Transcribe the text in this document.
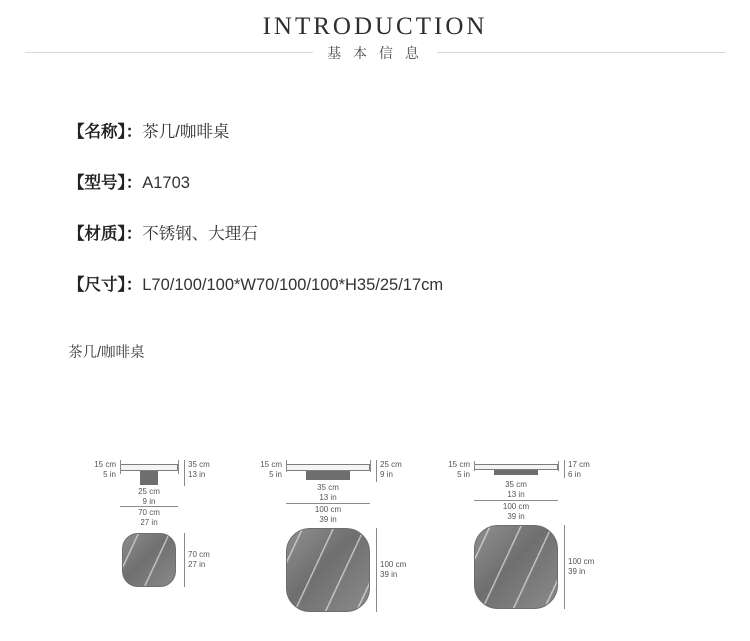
INTRODUCTION
基 本 信 息
【名称】：茶几/咖啡桌
【型号】：A1703
【材质】：不锈钢、大理石
【尺寸】：L70/100/100*W70/100/100*H35/25/17cm
茶几/咖啡桌
15 cm
5 in
35 cm
13 in
25 cm
9 in
70 cm
27 in
70 cm
27 in
15 cm
5 in
25 cm
9 in
35 cm
13 in
100 cm
39 in
100 cm
39 in
15 cm
5 in
17 cm
6 in
35 cm
13 in
100 cm
39 in
100 cm
39 in
